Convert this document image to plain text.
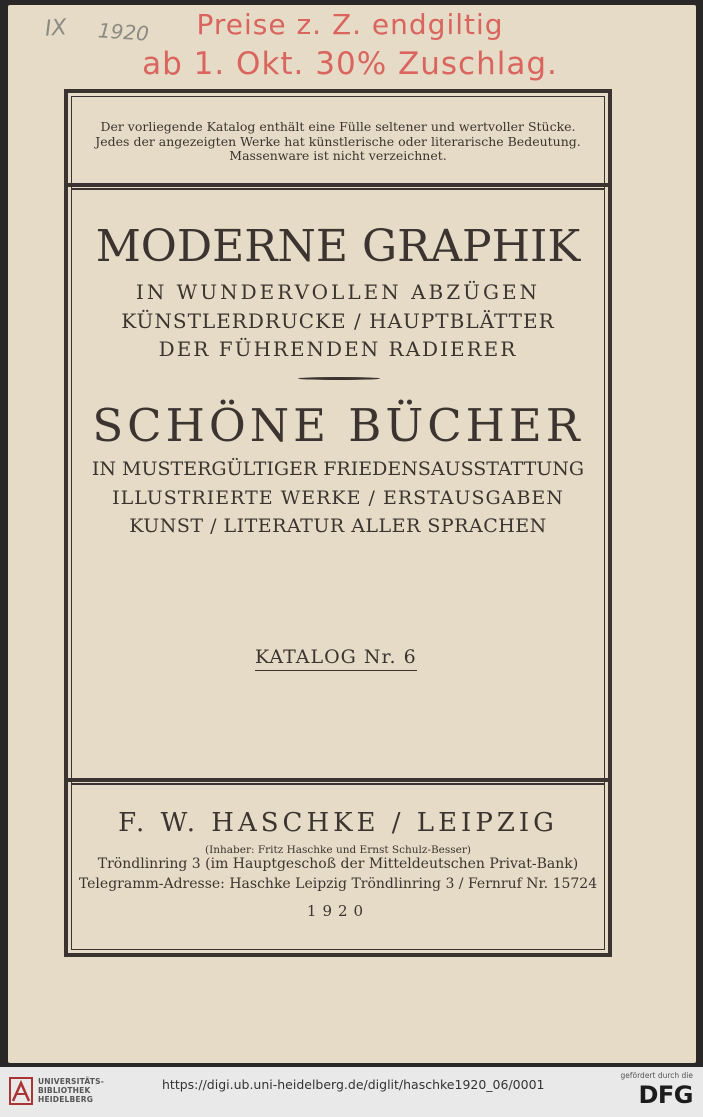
IX 1920	Preise z. Z. endgiltig
ab 1. Okt. 30% Zuschlag.
Der vorliegende Katalog enthält eine Fülle seltener und wertvoller Stücke.
Jedes der angezeigten Werke hat künstlerische oder literarische Bedeutung.
Massenware ist nicht verzeichnet.
MODERNE GRAPHIK
IN WUNDERVOLLEN ABZÜGEN
KÜNSTLERDRUCKE / HAUPTBLÄTTER
DER FÜHRENDEN RADIERER
SCHÖNE BÜCHER
IN MUSTERGÜLTIGER FRIEDENSAUSSTATTUNG
ILLUSTRIERTE WERKE / ERSTAUSGABEN
KUNST / LITERATUR ALLER SPRACHEN
KATALOG Nr. 6
F. W. HASCHKE / LEIPZIG
(Inhaber: Fritz Haschke und Ernst Schulz-Besser)
Tröndlinring 3 (im Hauptgeschoß der Mitteldeutschen Privat-Bank)
Telegramm-Adresse: Haschke Leipzig Tröndlinring 3 / Fernruf Nr. 15724
1920
UNIVERSITÄTS-
BIBLIOTHEK
HEIDELBERG
https://digi.ub.uni-heidelberg.de/diglit/haschke1920_06/0001
gefördert durch die
DFG
